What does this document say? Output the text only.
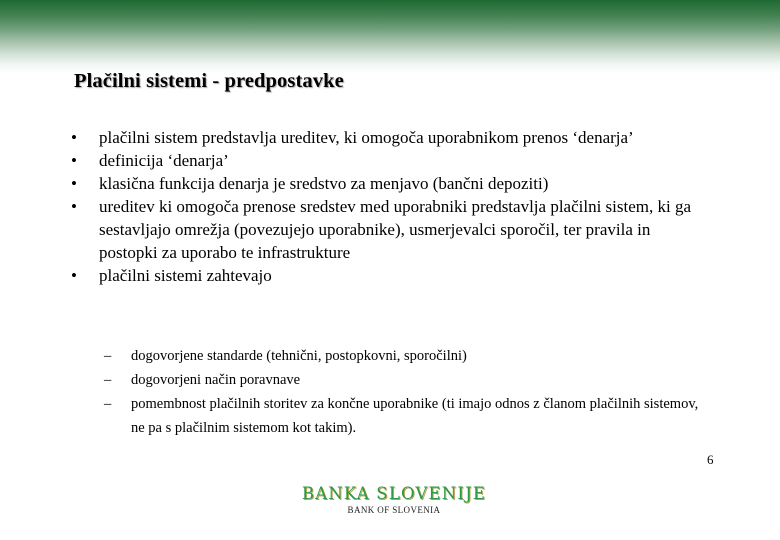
Plačilni sistemi - predpostavke
• plačilni sistem predstavlja ureditev, ki omogoča uporabnikom prenos ‘denarja’
• definicija ‘denarja’
• klasična funkcija denarja je sredstvo za menjavo (bančni depoziti)
• ureditev ki omogoča prenose sredstev med uporabniki predstavlja plačilni sistem, ki ga sestavljajo omrežja (povezujejo uporabnike), usmerjevalci sporočil, ter pravila in postopki za uporabo te infrastrukture
• plačilni sistemi zahtevajo
– dogovorjene standarde (tehnični, postopkovni, sporočilni)
– dogovorjeni način poravnave
– pomembnost plačilnih storitev za končne uporabnike (ti imajo odnos z članom plačilnih sistemov, ne pa s plačilnim sistemom kot takim).
6
BANKA SLOVENIJE
BANK OF SLOVENIA
